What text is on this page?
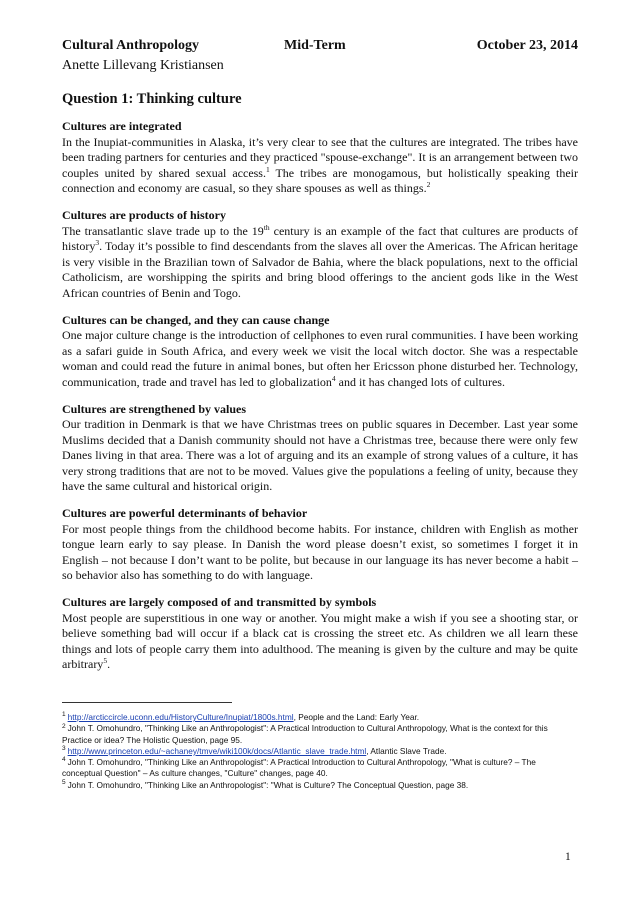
Cultural Anthropology	Mid-Term	October 23, 2014
Anette Lillevang Kristiansen
Question 1: Thinking culture
Cultures are integrated

In the Inupiat-communities in Alaska, it’s very clear to see that the cultures are integrated. The tribes have been trading partners for centuries and they practiced "spouse-exchange". It is an arrangement between two couples united by shared sexual access.$^1$ The tribes are monogamous, but holistically speaking their connection and economy are casual, so they share spouses as well as things.$^2$

Cultures are products of history

The transatlantic slave trade up to the 19th century is an example of the fact that cultures are products of history$^3$. Today it’s possible to find descendants from the slaves all over the Americas. The African heritage is very visible in the Brazilian town of Salvador de Bahia, where the black populations, next to the official Catholicism, are worshipping the spirits and bring blood offerings to the ancient gods like in the West African countries of Benin and Togo.

Cultures can be changed, and they can cause change

One major culture change is the introduction of cellphones to even rural communities. I have been working as a safari guide in South Africa, and every week we visit the local witch doctor. She was a respectable woman and could read the future in animal bones, but often her Ericsson phone disturbed her. Technology, communication, trade and travel has led to globalization$^4$ and it has changed lots of cultures.

Cultures are strengthened by values

Our tradition in Denmark is that we have Christmas trees on public squares in December. Last year some Muslims decided that a Danish community should not have a Christmas tree, because there were only few Danes living in that area. There was a lot of arguing and its an example of strong values of a culture, it has very strong traditions that are not to be moved. Values give the populations a feeling of unity, because they have the same cultural and historical origin.

Cultures are powerful determinants of behavior

For most people things from the childhood become habits. For instance, children with English as mother tongue learn early to say please. In Danish the word please doesn’t exist, so sometimes I forget it in English – not because I don’t want to be polite, but because in our language its has never become a habit – so behavior also has something to do with language.

Cultures are largely composed of and transmitted by symbols

Most people are superstitious in one way or another. You might make a wish if you see a shooting star, or believe something bad will occur if a black cat is crossing the street etc. As children we all learn these things and lots of people carry them into adulthood. The meaning is given by the culture and may be quite arbitrary$^5$.

$^1$ http://arcticcircle.uconn.edu/HistoryCulture/Inupiat/1800s.html, People and the Land: Early Year.

$^2$ John T. Omohundro, "Thinking Like an Anthropologist": A Practical Introduction to Cultural Anthropology, What is the context for this Practice or idea? The Holistic Question, page 95.

$^3$ http://www.princeton.edu/~achaney/tmve/wiki100k/docs/Atlantic_slave_trade.html, Atlantic Slave Trade.

$^4$ John T. Omohundro, "Thinking Like an Anthropologist": A Practical Introduction to Cultural Anthropology, "What is culture? – The conceptual Question" – As culture changes, "Culture" changes, page 40.

$^5$ John T. Omohundro, "Thinking Like an Anthropologist": "What is Culture? The Conceptual Question, page 38.

1
